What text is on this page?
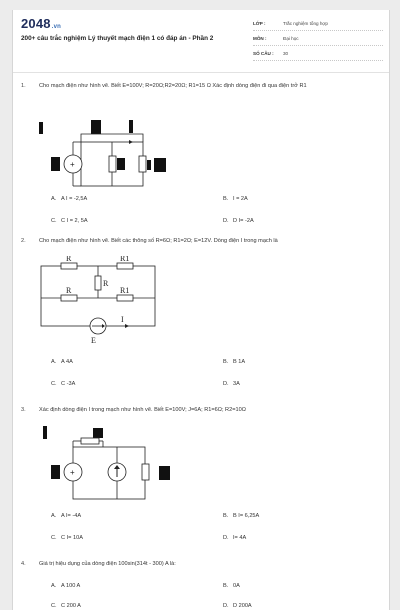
2048.vn
200+ câu trắc nghiệm Lý thuyết mạch điện 1 có đáp án - Phần 2
LỚP :	Trắc nghiệm tổng hợp
MÔN :	Đại học
SỐ CÂU :	30
1.	Cho mạch điện như hình vẽ. Biết E=100V; R=20Ω;R2=20Ω; R1=15 Ω Xác định dòng điện đi qua điện trở R1
+
A. A I = -2,5A	B. I = 2A
C. C I = 2, 5A	D. D I= -2A
2.	Cho mạch điện như hình vẽ. Biết các thông số R=6Ω; R1=2Ω; E=12V. Dòng điện I trong mạch là
R	R1
R
R	R1
I
E
A. A 4A	B. B 1A
C. C -3A	D. 3A
3.	Xác định dòng điện I trong mạch như hình vẽ. Biết E=100V; J=6A; R1=6Ω; R2=10Ω
+
A. A I= -4A	B. B I= 6,25A
C. C I= 10A	D. I= 4A
4.	Giá trị hiệu dụng của dòng điện 100sin(314t - 300) A là:
A. A 100 A	B. 0A
C. C 200 A	D. D 200A
